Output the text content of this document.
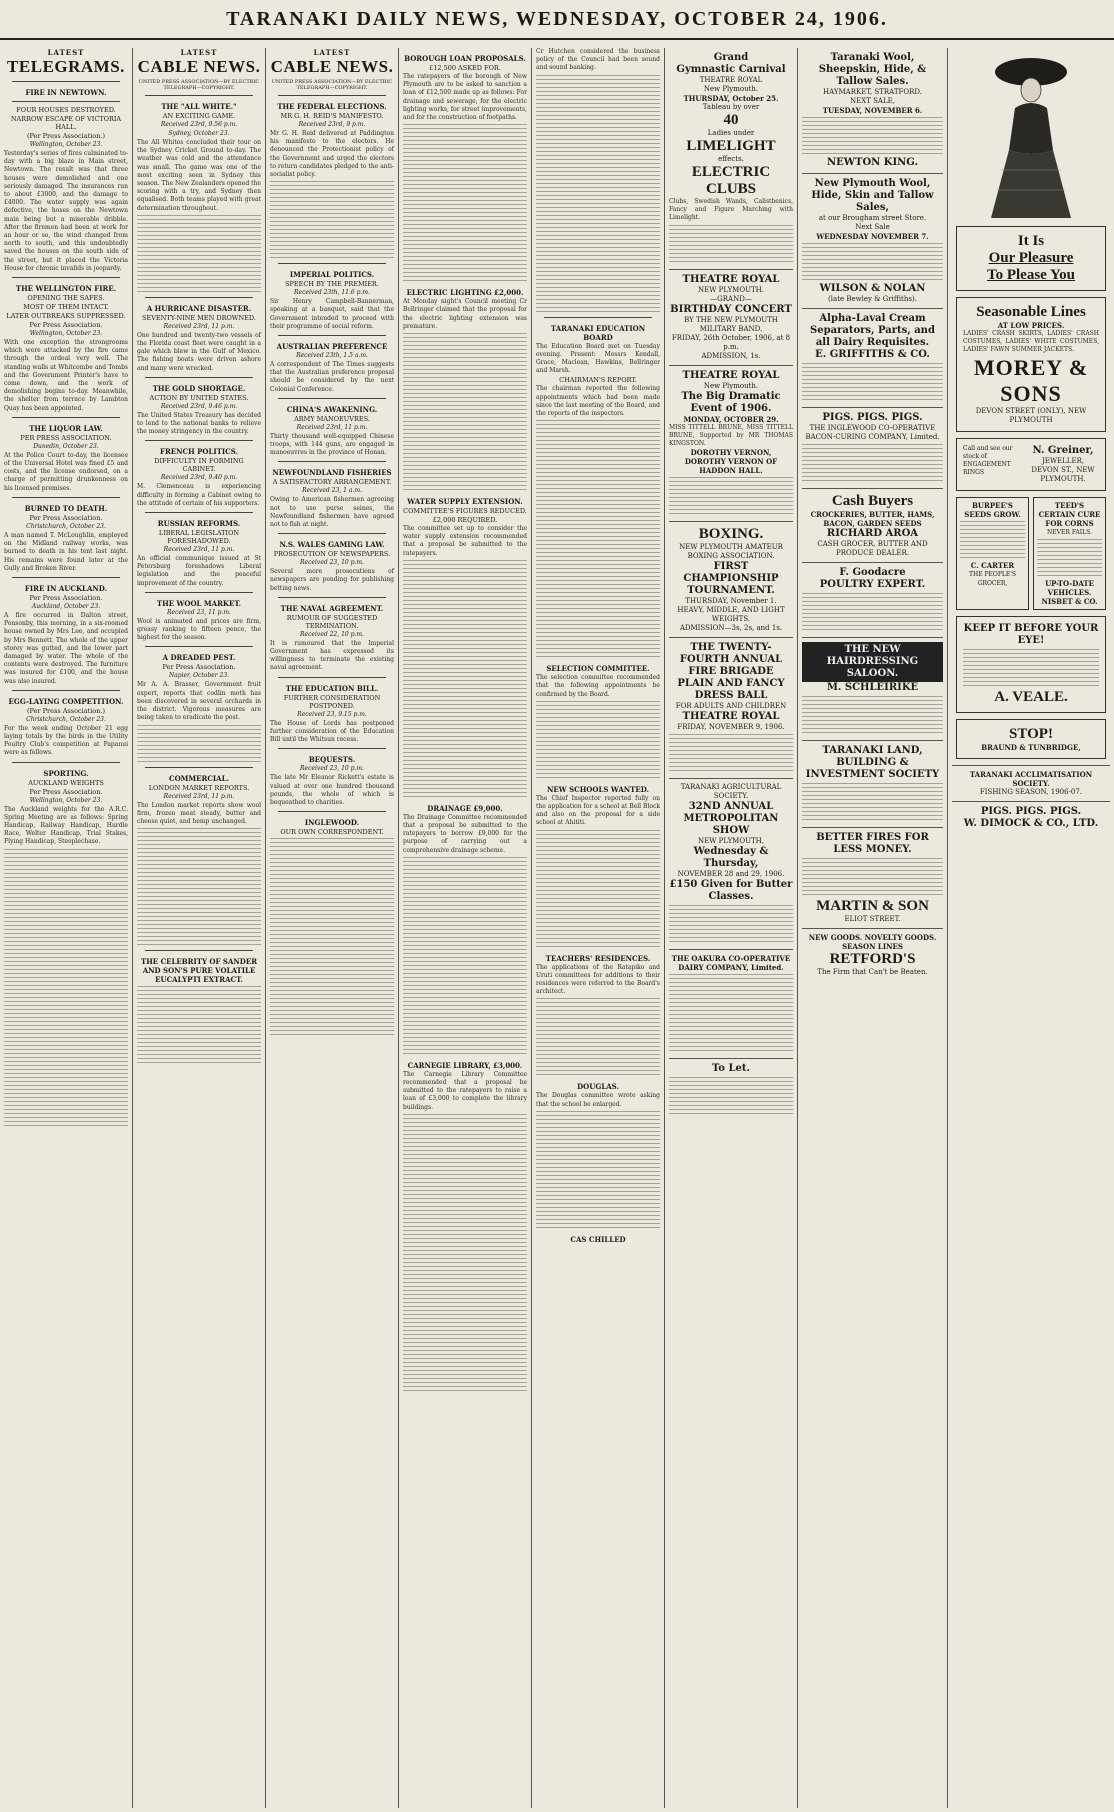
TARANAKI DAILY NEWS, WEDNESDAY, OCTOBER 24, 1906.
LATEST
TELEGRAMS.
FIRE IN NEWTOWN.
FOUR HOUSES DESTROYED.
NARROW ESCAPE OF VICTORIA HALL.
(Per Press Association.)
Wellington, October 23.

Yesterday's series of fires culminated to-day with a big blaze in Main street, Newtown. The result was that three houses were demolished and one seriously damaged. The insurances run to about £3000, and the damage to £4000. The water supply was again defective, the hoses on the Newtown main being but a miserable dribble. After the firemen had been at work for an hour or so, the wind changed from north to south, and this undoubtedly saved the houses on the south side of the street, but it placed the Victoria House for chronic invalids in jeopardy.

THE WELLINGTON FIRE.
OPENING THE SAFES.
MOST OF THEM INTACT.
LATER OUTBREAKS SUPPRESSED.
Per Press Association.
Wellington, October 23.

With one exception the strongrooms which were attacked by the fire came through the ordeal very well. The standing walls at Whitcombe and Tombs and the Government Printer's have to come down, and the work of demolishing begins to-day. Meanwhile, the shelter from terrace by Lambton Quay has been appointed.

THE LIQUOR LAW.
PER PRESS ASSOCIATION.
Dunedin, October 23.

At the Police Court to-day, the licensee of the Universal Hotel was fined £5 and costs, and the license endorsed, on a charge of permitting drunkenness on his licensed premises.

BURNED TO DEATH.
Per Press Association.
Christchurch, October 23.

A man named T. McLoughlin, employed on the Midland railway works, was burned to death in his tent last night. His remains were found later at the Gully and Broken River.

FIRE IN AUCKLAND.
Per Press Association.
Auckland, October 23.

A fire occurred in Dalton street, Ponsonby, this morning, in a six-roomed house owned by Mrs Lee, and occupied by Mrs Bennett. The whole of the upper storey was gutted, and the lower part damaged by water. The whole of the contents were destroyed. The furniture was insured for £100, and the house was also insured.

EGG-LAYING COMPETITION.
(Per Press Association.)
Christchurch, October 23.

For the week ending October 21 egg laying totals by the birds in the Utility Poultry Club's competition at Papanui were as follows.

SPORTING.
AUCKLAND WEIGHTS
Per Press Association.
Wellington, October 23.

The Auckland weights for the A.R.C. Spring Meeting are as follows: Spring Handicap, Railway Handicap, Hurdle Race, Welter Handicap, Trial Stakes, Flying Handicap, Steeplechase.

LATEST
CABLE NEWS.
UNITED PRESS ASSOCIATION—BY ELECTRIC TELEGRAPH—COPYRIGHT.
THE "ALL WHITE."
AN EXCITING GAME.
Received 23rd, 9.56 p.m.
Sydney, October 23.

The All Whites concluded their tour on the Sydney Cricket Ground to-day. The weather was cold and the attendance was small. The game was one of the most exciting seen in Sydney this season. The New Zealanders opened the scoring with a try, and Sydney then equalised. Both teams played with great determination throughout.

A HURRICANE DISASTER.
SEVENTY-NINE MEN DROWNED.
Received 23rd, 11 p.m.

One hundred and twenty-two vessels of the Florida coast fleet were caught in a gale which blew in the Gulf of Mexico. The fishing boats were driven ashore and many were wrecked.

THE GOLD SHORTAGE.
ACTION BY UNITED STATES.
Received 23rd, 9.46 p.m.

The United States Treasury has decided to lend to the national banks to relieve the money stringency in the country.

FRENCH POLITICS.
DIFFICULTY IN FORMING CABINET.
Received 23rd, 9.40 p.m.

M. Clemenceau is experiencing difficulty in forming a Cabinet owing to the attitude of certain of his supporters.

RUSSIAN REFORMS.
LIBERAL LEGISLATION FORESHADOWED.
Received 23rd, 11 p.m.

An official communique issued at St Petersburg foreshadows Liberal legislation and the peaceful improvement of the country.

THE WOOL MARKET.
Received 23, 11 p.m.

Wool is animated and prices are firm, greasy ranking to fifteen pence, the highest for the season.

A DREADED PEST.
Per Press Association.
Napier, October 23.

Mr A. A. Brasser, Government fruit expert, reports that codlin moth has been discovered in several orchards in the district. Vigorous measures are being taken to eradicate the pest.

COMMERCIAL.
LONDON MARKET REPORTS.
Received 23rd, 11 p.m.

The London market reports show wool firm, frozen meat steady, butter and cheese quiet, and hemp unchanged.

THE CELEBRITY OF SANDER AND SON'S PURE VOLATILE EUCALYPTI EXTRACT.
LATEST
CABLE NEWS.
UNITED PRESS ASSOCIATION—BY ELECTRIC TELEGRAPH—COPYRIGHT.
THE FEDERAL ELECTIONS.
MR G. H. REID'S MANIFESTO.
Received 23rd, 9 p.m.

Mr G. H. Reid delivered at Paddington his manifesto to the electors. He denounced the Protectionist policy of the Government and urged the electors to return candidates pledged to the anti-socialist policy.

IMPERIAL POLITICS.
SPEECH BY THE PREMIER.
Received 23th, 11.6 p.m.

Sir Henry Campbell-Bannerman, speaking at a banquet, said that the Government intended to proceed with their programme of social reform.

AUSTRALIAN PREFERENCE
Received 23th, 1.5 a.m.

A correspondent of The Times suggests that the Australian preference proposal should be considered by the next Colonial Conference.

CHINA'S AWAKENING.
ARMY MANOEUVRES.
Received 23rd, 11 p.m.

Thirty thousand well-equipped Chinese troops, with 144 guns, are engaged in manoeuvres in the province of Honan.

NEWFOUNDLAND FISHERIES
A SATISFACTORY ARRANGEMENT.
Received 23, 1 a.m.

Owing to American fishermen agreeing not to use purse seines, the Newfoundland fishermen have agreed not to fish at night.

N.S. WALES GAMING LAW.
PROSECUTION OF NEWSPAPERS.
Received 23, 10 p.m.

Several more prosecutions of newspapers are pending for publishing betting news.

THE NAVAL AGREEMENT.
RUMOUR OF SUGGESTED TERMINATION.
Received 22, 10 p.m.

It is rumoured that the Imperial Government has expressed its willingness to terminate the existing naval agreement.

THE EDUCATION BILL.
FURTHER CONSIDERATION POSTPONED.
Received 23, 9.15 p.m.

The House of Lords has postponed further consideration of the Education Bill until the Whitsun recess.

BEQUESTS.
Received 23, 10 p.m.

The late Mr Eleanor Rickett's estate is valued at over one hundred thousand pounds, the whole of which is bequeathed to charities.

INGLEWOOD.
OUR OWN CORRESPONDENT.
BOROUGH LOAN PROPOSALS.
£12,500 ASKED FOR.

The ratepayers of the borough of New Plymouth are to be asked to sanction a loan of £12,500 made up as follows: For drainage and sewerage, for the electric lighting works, for street improvements, and for the construction of footpaths.

ELECTRIC LIGHTING £2,000.

At Monday night's Council meeting Cr Bellringer claimed that the proposal for the electric lighting extension was premature.

WATER SUPPLY EXTENSION.
COMMITTEE'S FIGURES REDUCED.
£2,000 REQUIRED.

The committee set up to consider the water supply extension recommended that a proposal be submitted to the ratepayers.

DRAINAGE £9,000.

The Drainage Committee recommended that a proposal be submitted to the ratepayers to borrow £9,000 for the purpose of carrying out a comprehensive drainage scheme.

CARNEGIE LIBRARY, £3,000.

The Carnegie Library Committee recommended that a proposal be submitted to the ratepayers to raise a loan of £3,000 to complete the library buildings.

Cr Hutchen considered the business policy of the Council had been sound and sound banking.

TARANAKI EDUCATION BOARD

The Education Board met on Tuesday evening. Present: Messrs Kendall, Grace, Maclean, Hawkins, Bellringer and Marsh.

CHAIRMAN'S REPORT.

The chairman reported the following appointments which had been made since the last meeting of the Board, and the reports of the inspectors.

SELECTION COMMITTEE.

The selection committee recommended that the following appointments be confirmed by the Board.

NEW SCHOOLS WANTED.

The Chief Inspector reported fully on the application for a school at Bell Block and also on the proposal for a side school at Ahititi.

TEACHERS' RESIDENCES.

The applications of the Ratapiko and Uruti committees for additions to their residences were referred to the Board's architect.

DOUGLAS.

The Douglas committee wrote asking that the school be enlarged.

CAS CHILLED
Grand
Gymnastic Carnival
THEATRE ROYAL
New Plymouth.
THURSDAY, October 25.
Tableau by over
40
Ladies under
LIMELIGHT
effects.
ELECTRIC
CLUBS

Clubs, Swedish Wands, Calisthenics, Fancy and Figure Marching with Limelight.

THEATRE ROYAL
NEW PLYMOUTH.
—GRAND—
BIRTHDAY CONCERT
BY THE NEW PLYMOUTH MILITARY BAND.
FRIDAY, 26th October, 1906, at 8 p.m.
ADMISSION, 1s.
THEATRE ROYAL
New Plymouth.
The Big Dramatic Event of 1906.
MONDAY, OCTOBER 29.

MISS TITTELL BRUNE, MISS TITTELL BRUNE, Supported by MR THOMAS KINGSTON.

DOROTHY VERNON, DOROTHY VERNON OF HADDON HALL.
BOXING.
NEW PLYMOUTH AMATEUR BOXING ASSOCIATION.
FIRST CHAMPIONSHIP TOURNAMENT.
THURSDAY, November 1.
HEAVY, MIDDLE, AND LIGHT WEIGHTS.
ADMISSION—3s, 2s, and 1s.
THE TWENTY-FOURTH ANNUAL FIRE BRIGADE PLAIN AND FANCY DRESS BALL
FOR ADULTS AND CHILDREN
THEATRE ROYAL
FRIDAY, NOVEMBER 9, 1906.
TARANAKI AGRICULTURAL SOCIETY.
32ND ANNUAL METROPOLITAN SHOW
NEW PLYMOUTH,
Wednesday & Thursday,
NOVEMBER 28 and 29, 1906.
£150 Given for Butter Classes.
THE OAKURA CO-OPERATIVE DAIRY COMPANY, Limited.
To Let.
Taranaki Wool, Sheepskin, Hide, & Tallow Sales.
HAYMARKET, STRATFORD.
NEXT SALE,
TUESDAY, NOVEMBER 6.
NEWTON KING.
New Plymouth Wool, Hide, Skin and Tallow Sales,
at our Brougham street Store.
Next Sale
WEDNESDAY NOVEMBER 7.
WILSON & NOLAN
(late Bewley & Griffiths).
Alpha-Laval Cream Separators, Parts, and all Dairy Requisites.
E. GRIFFITHS & CO.
PIGS. PIGS. PIGS.
THE INGLEWOOD CO-OPERATIVE BACON-CURING COMPANY, Limited.
Cash Buyers
CROCKERIES, BUTTER, HAMS, BACON, GARDEN SEEDS
RICHARD AROA
CASH GROCER, BUTTER AND PRODUCE DEALER.
F. Goodacre
POULTRY EXPERT.
THE NEW HAIRDRESSING SALOON.
M. SCHLEIRIKE
TARANAKI LAND, BUILDING & INVESTMENT SOCIETY
BETTER FIRES FOR LESS MONEY.
MARTIN & SON
ELIOT STREET.
NEW GOODS. NOVELTY GOODS. SEASON LINES
RETFORD'S
The Firm that Can't be Beaten.
It Is
Our Pleasure
To Please You
Seasonable Lines
AT LOW PRICES.

LADIES' CRASH SKIRTS, LADIES' CRASH COSTUMES, LADIES' WHITE COSTUMES, LADIES' FAWN SUMMER JACKETS.

MOREY & SONS
DEVON STREET (ONLY), NEW PLYMOUTH
Call and see our stock of ENGAGEMENT RINGS
N. Greiner,
JEWELLER,
DEVON ST., NEW PLYMOUTH.
BURPEE'S SEEDS GROW.
C. CARTER
THE PEOPLE'S GROCER,
TEED'S CERTAIN CURE FOR CORNS
NEVER FAILS.
UP-TO-DATE VEHICLES.
NISBET & CO.
KEEP IT BEFORE YOUR EYE!
A. VEALE.
STOP!
BRAUND & TUNBRIDGE,
TARANAKI ACCLIMATISATION SOCIETY.
FISHING SEASON, 1906-07.
PIGS. PIGS. PIGS.
W. DIMOCK & CO., LTD.
